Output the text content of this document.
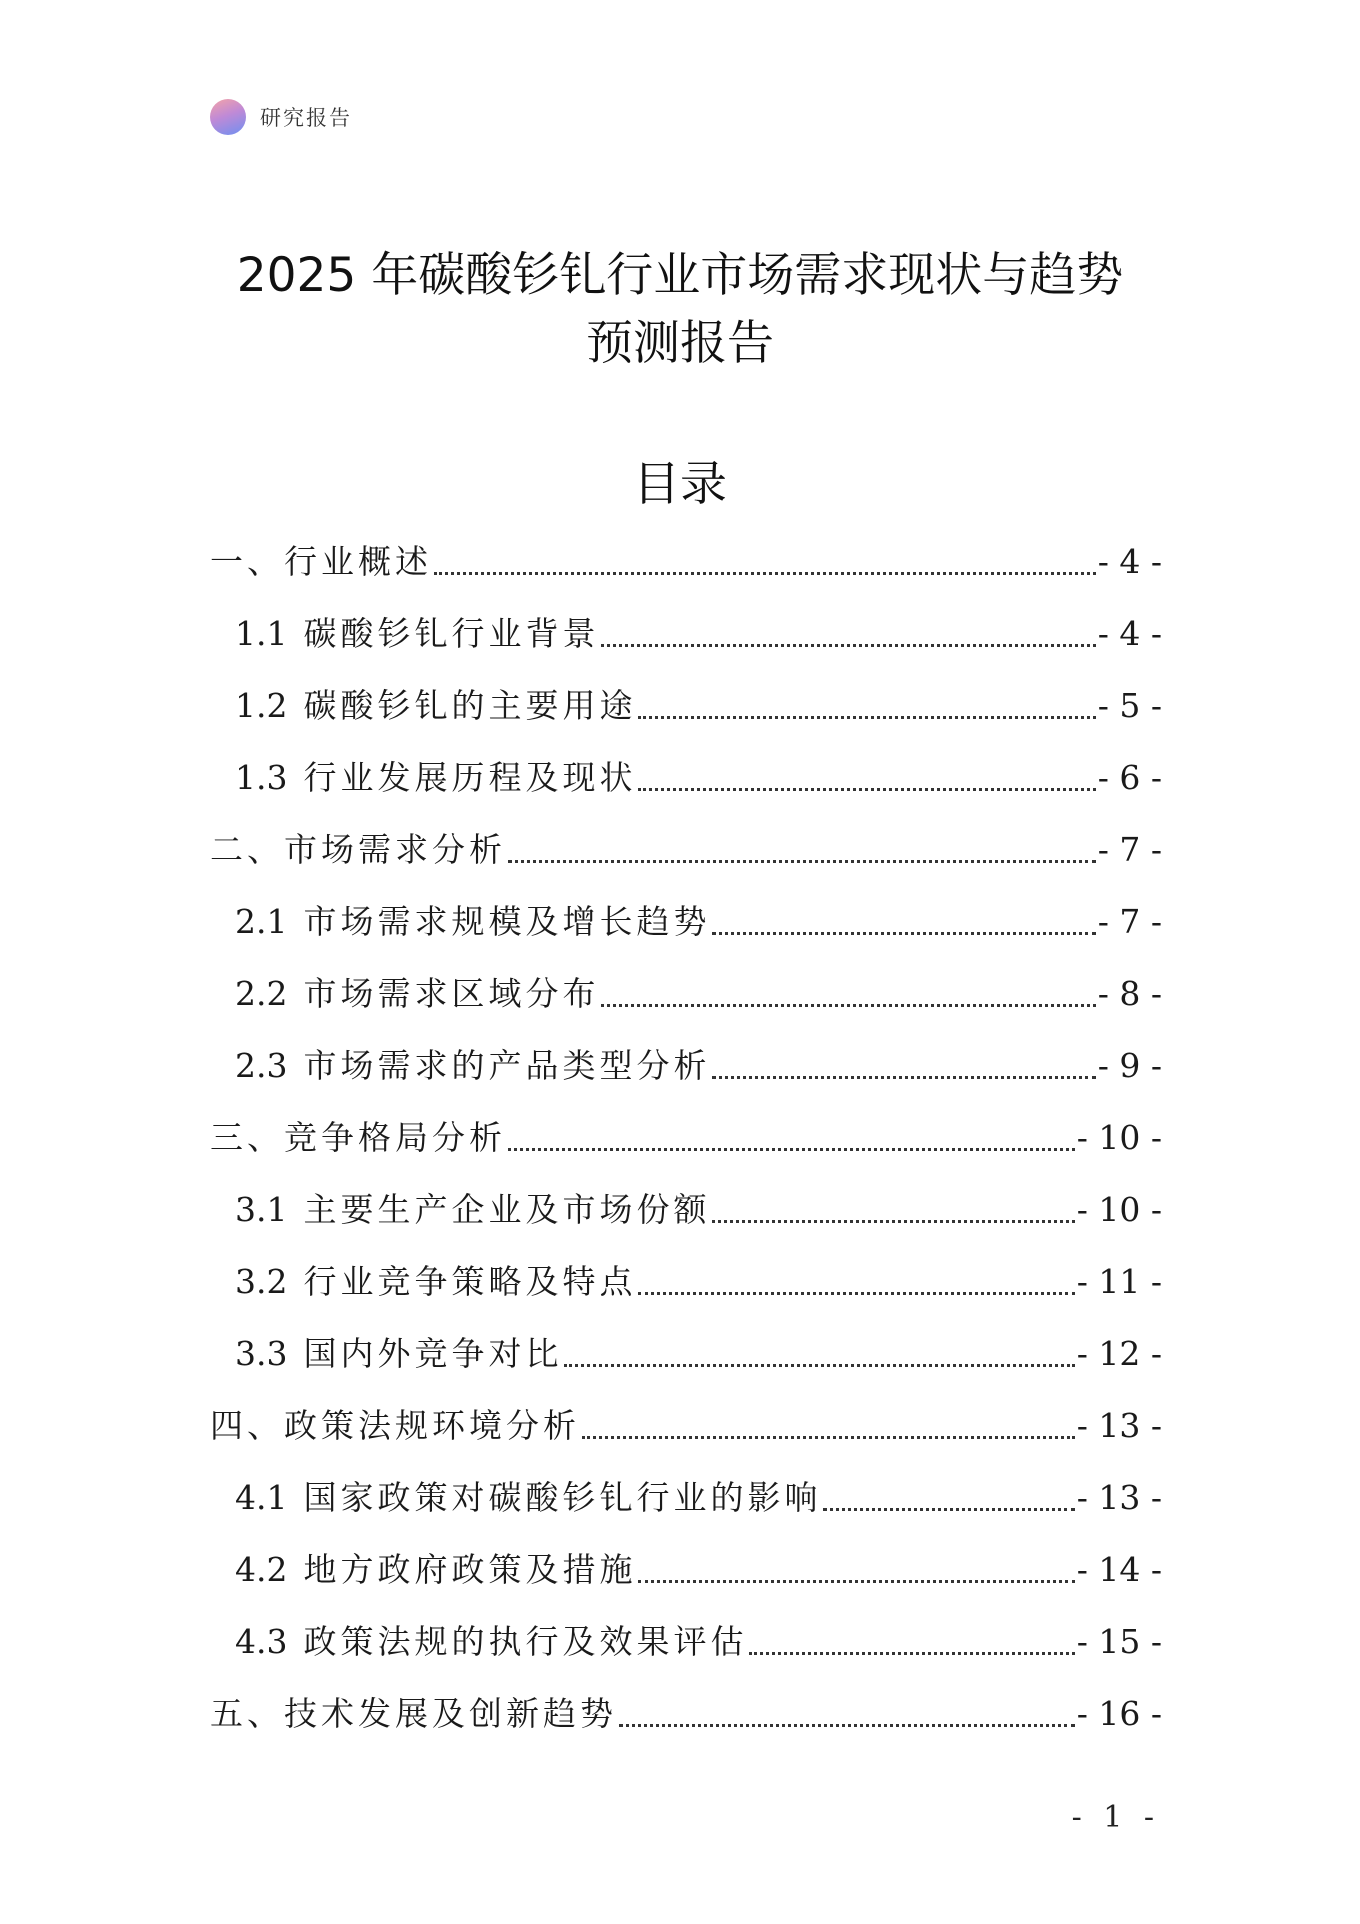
研究报告
2025 年碳酸钐钆行业市场需求现状与趋势
预测报告
目录
一、行业概述	- 4 -
1.1 碳酸钐钆行业背景	- 4 -
1.2 碳酸钐钆的主要用途	- 5 -
1.3 行业发展历程及现状	- 6 -
二、市场需求分析	- 7 -
2.1 市场需求规模及增长趋势	- 7 -
2.2 市场需求区域分布	- 8 -
2.3 市场需求的产品类型分析	- 9 -
三、竞争格局分析	- 10 -
3.1 主要生产企业及市场份额	- 10 -
3.2 行业竞争策略及特点	- 11 -
3.3 国内外竞争对比	- 12 -
四、政策法规环境分析	- 13 -
4.1 国家政策对碳酸钐钆行业的影响	- 13 -
4.2 地方政府政策及措施	- 14 -
4.3 政策法规的执行及效果评估	- 15 -
五、技术发展及创新趋势	- 16 -
- 1 -
